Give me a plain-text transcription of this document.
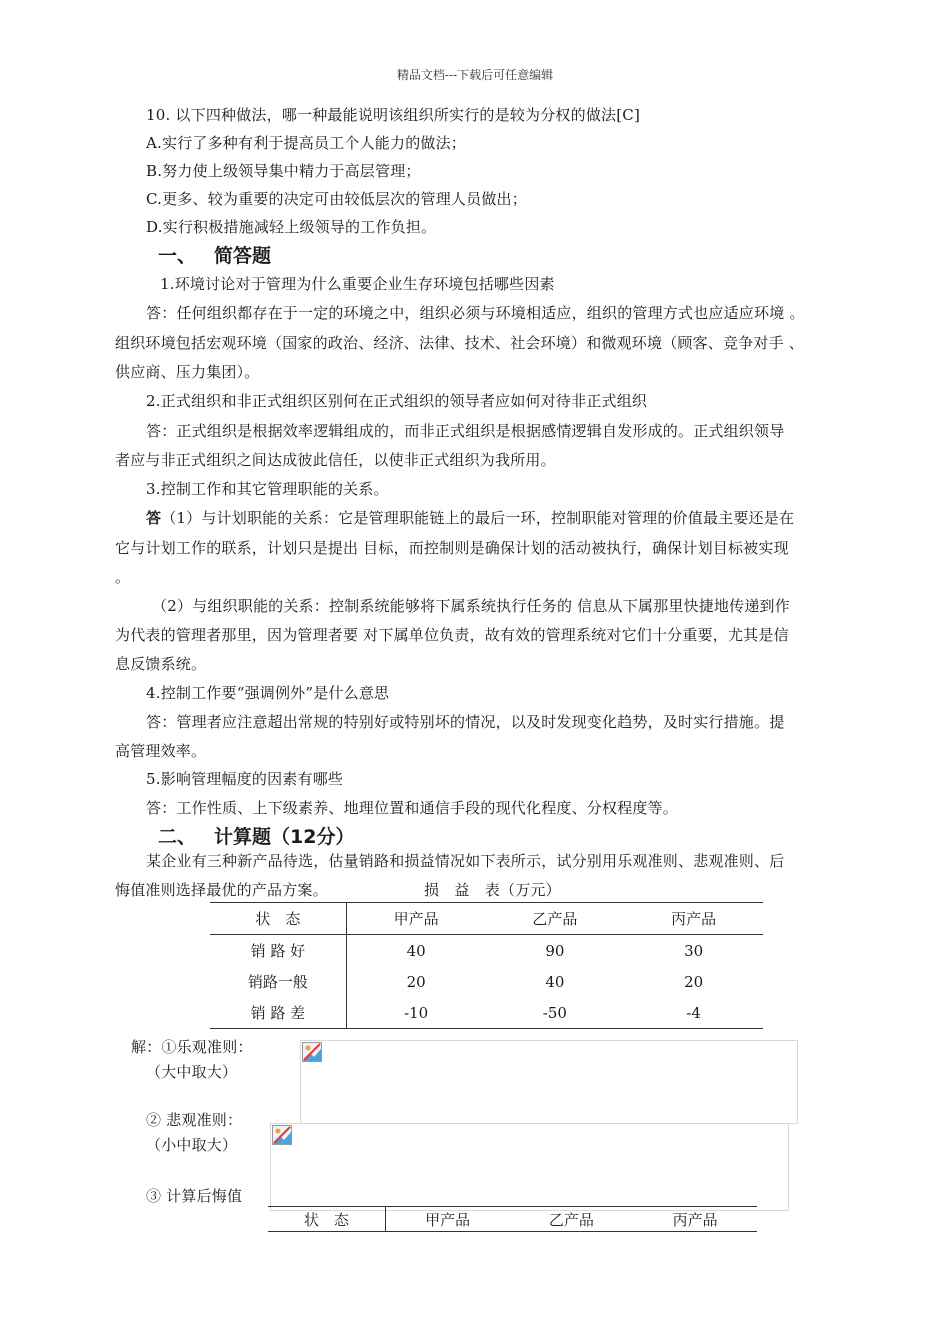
精品文档---下载后可任意编辑
10. 以下四种做法，哪一种最能说明该组织所实行的是较为分权的做法[C]
A.实行了多种有利于提高员工个人能力的做法；
B.努力使上级领导集中精力于高层管理；
C.更多、较为重要的决定可由较低层次的管理人员做出；
D.实行积极措施减轻上级领导的工作负担。
一、 简答题
1.环境讨论对于管理为什么重要企业生存环境包括哪些因素
答：任何组织都存在于一定的环境之中，组织必须与环境相适应，组织的管理方式也应适应环境 。
组织环境包括宏观环境（国家的政治、经济、法律、技术、社会环境）和微观环境（顾客、竞争对手 、
供应商、压力集团）。
2.正式组织和非正式组织区别何在正式组织的领导者应如何对待非正式组织
答：正式组织是根据效率逻辑组成的，而非正式组织是根据感情逻辑自发形成的。正式组织领导
者应与非正式组织之间达成彼此信任，以使非正式组织为我所用。
3.控制工作和其它管理职能的关系。
答（1）与计划职能的关系：它是管理职能链上的最后一环，控制职能对管理的价值最主要还是在
它与计划工作的联系，计划只是提出 目标，而控制则是确保计划的活动被执行，确保计划目标被实现
。
（2）与组织职能的关系：控制系统能够将下属系统执行任务的 信息从下属那里快捷地传递到作
为代表的管理者那里，因为管理者要 对下属单位负责，故有效的管理系统对它们十分重要，尤其是信
息反馈系统。
4.控制工作要“强调例外”是什么意思
答：管理者应注意超出常规的特别好或特别坏的情况，以及时发现变化趋势，及时实行措施。提
高管理效率。
5.影响管理幅度的因素有哪些
答：工作性质、上下级素养、地理位置和通信手段的现代化程度、分权程度等。
二、 计算题（12分）
某企业有三种新产品待选，估量销路和损益情况如下表所示，试分别用乐观准则、悲观准则、后
悔值准则选择最优的产品方案。	损　益　表（万元）
状　态	甲产品	乙产品	丙产品
销 路 好	40	90	30
销路一般	20	40	20
销 路 差	-10	-50	-4
解：①乐观准则：
（大中取大）
② 悲观准则：
（小中取大）
③ 计算后悔值
状　态	甲产品	乙产品	丙产品
